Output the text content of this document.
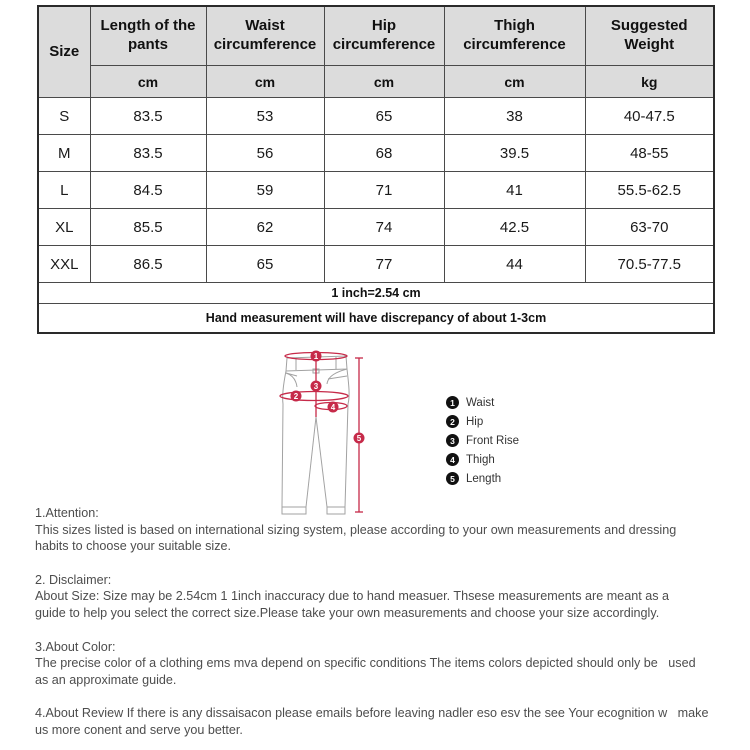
Size	Length of the pants	Waist circumference	Hip circumference	Thigh circumference	Suggested Weight
	cm	cm	cm	cm	kg
S	83.5	53	65	38	40-47.5
M	83.5	56	68	39.5	48-55
L	84.5	59	71	41	55.5-62.5
XL	85.5	62	74	42.5	63-70
XXL	86.5	65	77	44	70.5-77.5
1 inch=2.54 cm					
Hand measurement will have discrepancy of about 1-3cm					
1
2
3
4
5
1 Waist
2 Hip
3 Front Rise
4 Thigh
5 Length
1.Attention:
This sizes listed is based on international sizing system, please according to your own measurements and dressing
habits to choose your suitable size.
2. Disclaimer:
About Size: Size may be 2.54cm 1 1inch inaccuracy due to hand measuer. Thsese measurements are meant as a
guide to help you select the correct size.Please take your own measurements and choose your size accordingly.
3.About Color:
The precise color of a clothing ems mva depend on specific conditions The items colors depicted should only be   used
as an approximate guide.
4.About Review If there is any dissaisacon please emails before leaving nadler eso esv the see Your ecognition w   make
us more conent and serve you better.
